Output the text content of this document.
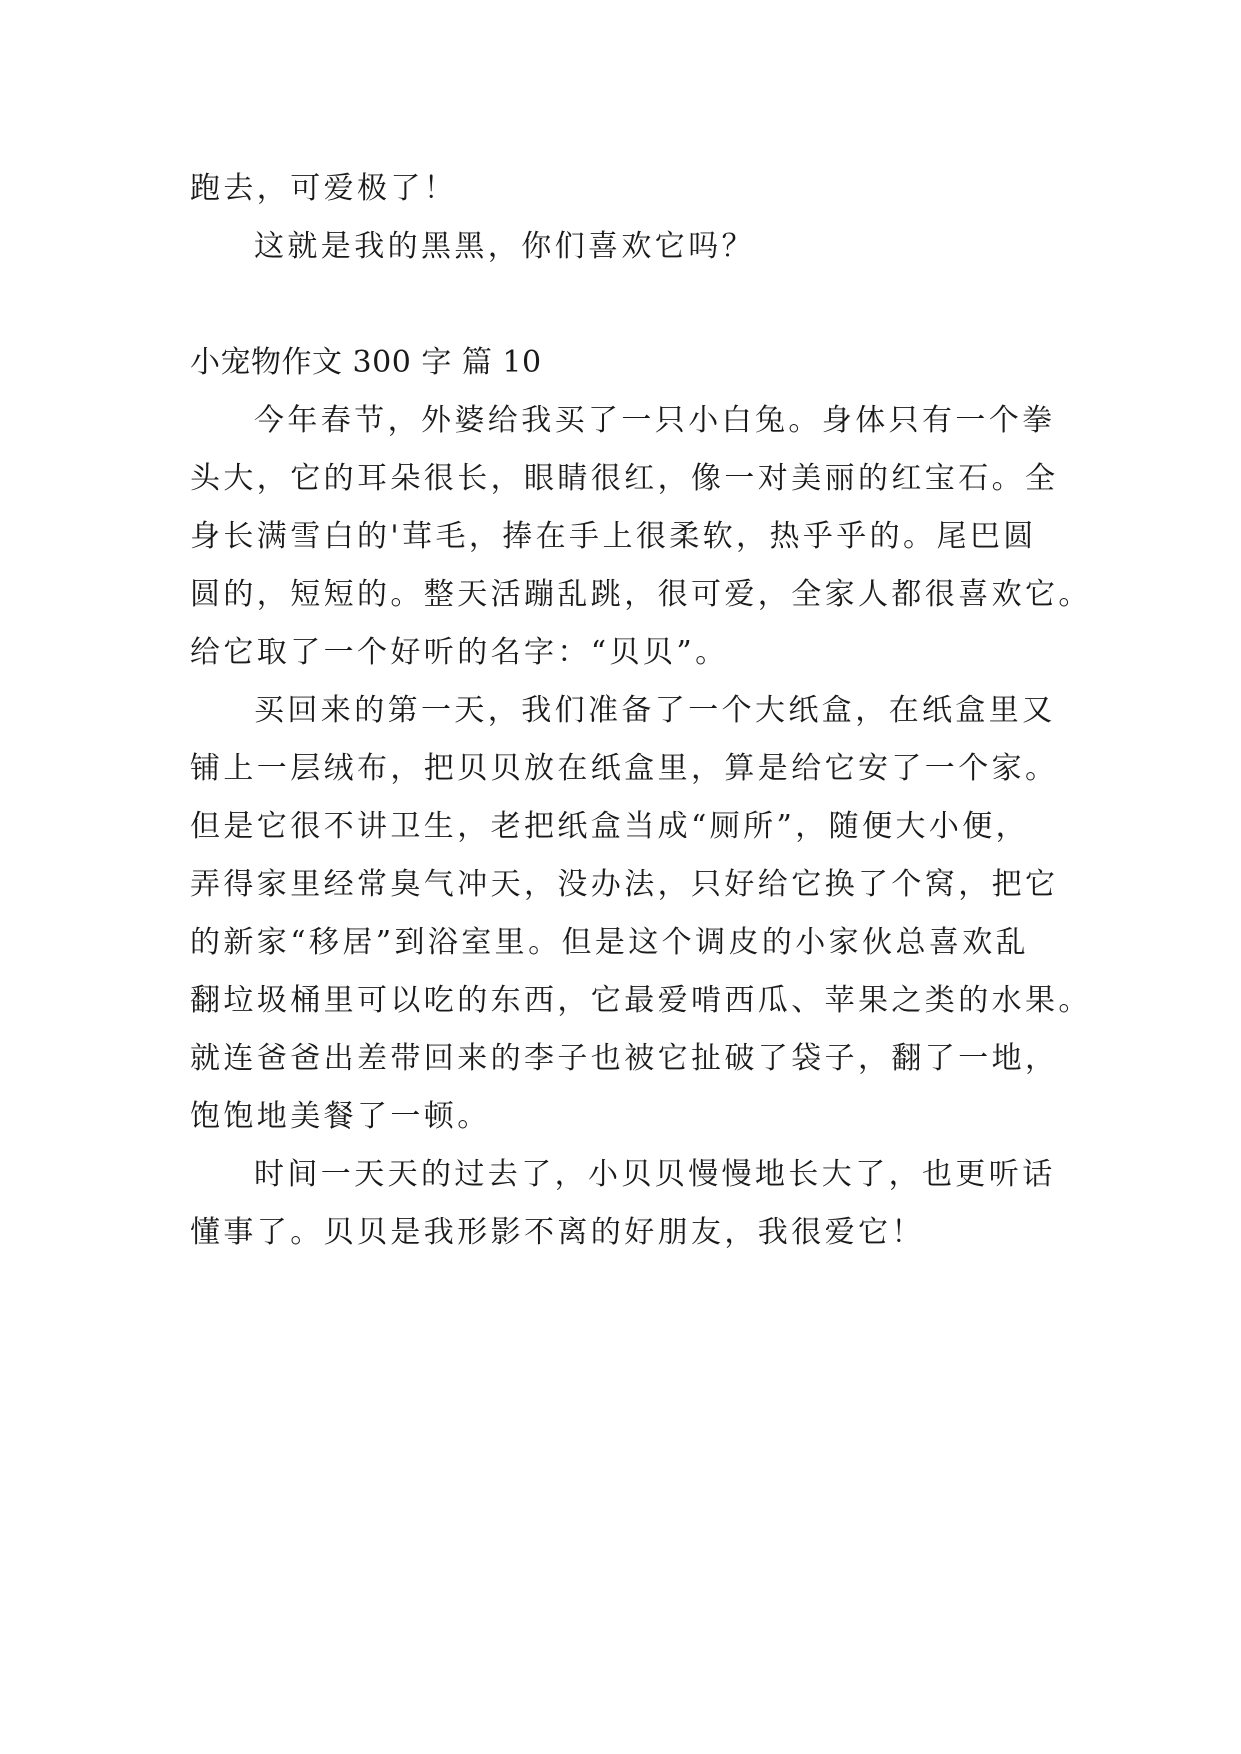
跑去，可爱极了！
这就是我的黑黑，你们喜欢它吗？
小宠物作文 300 字 篇 10
今年春节，外婆给我买了一只小白兔。身体只有一个拳
头大，它的耳朵很长，眼睛很红，像一对美丽的红宝石。全
身长满雪白的'茸毛，捧在手上很柔软，热乎乎的。尾巴圆
圆的，短短的。整天活蹦乱跳，很可爱，全家人都很喜欢它。
给它取了一个好听的名字：“贝贝”。
买回来的第一天，我们准备了一个大纸盒，在纸盒里又
铺上一层绒布，把贝贝放在纸盒里，算是给它安了一个家。
但是它很不讲卫生，老把纸盒当成“厕所”，随便大小便，
弄得家里经常臭气冲天，没办法，只好给它换了个窝，把它
的新家“移居”到浴室里。但是这个调皮的小家伙总喜欢乱
翻垃圾桶里可以吃的东西，它最爱啃西瓜、苹果之类的水果。
就连爸爸出差带回来的李子也被它扯破了袋子，翻了一地，
饱饱地美餐了一顿。
时间一天天的过去了，小贝贝慢慢地长大了，也更听话
懂事了。贝贝是我形影不离的好朋友，我很爱它！
